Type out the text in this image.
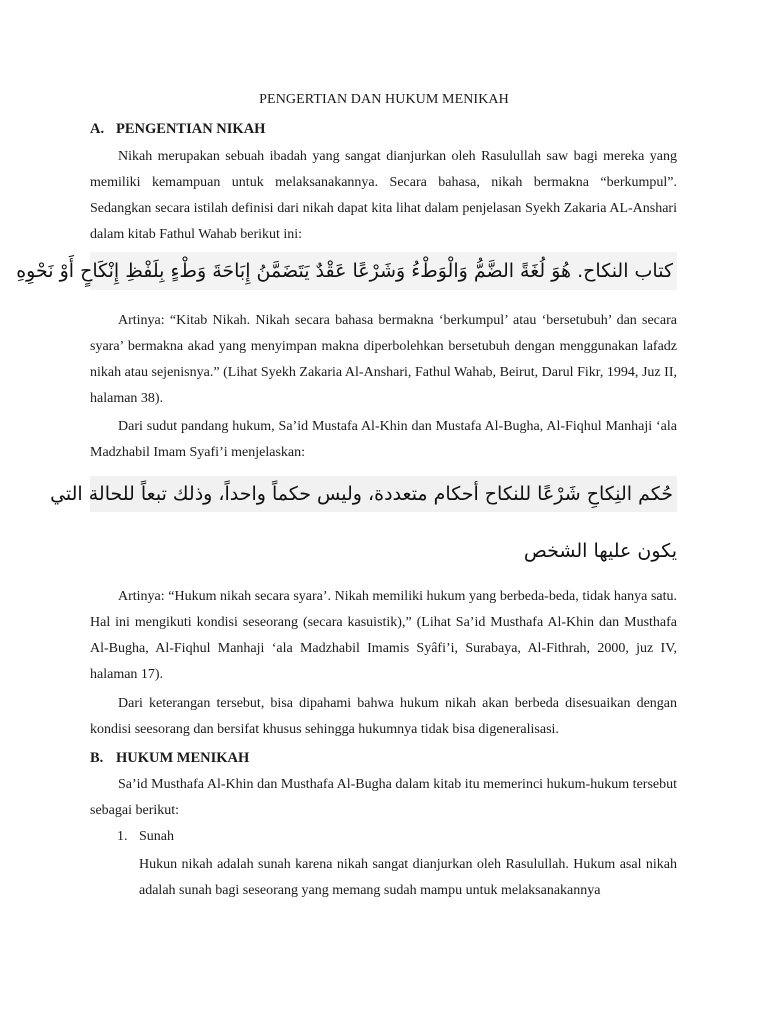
PENGERTIAN DAN HUKUM MENIKAH
A. PENGENTIAN NIKAH

Nikah merupakan sebuah ibadah yang sangat dianjurkan oleh Rasulullah saw bagi mereka yang memiliki kemampuan untuk melaksanakannya. Secara bahasa, nikah bermakna “berkumpul”. Sedangkan secara istilah definisi dari nikah dapat kita lihat dalam penjelasan Syekh Zakaria AL-Anshari dalam kitab Fathul Wahab berikut ini:

كتاب النكاح. هُوَ لُغَةً الضَّمُّ وَالْوَطْءُ وَشَرْعًا عَقْدٌ يَتَضَمَّنُ إِبَاحَةَ وَطْءٍ بِلَفْظِ إِنْكَاحٍ أَوْ نَحْوِهِ

Artinya: “Kitab Nikah. Nikah secara bahasa bermakna ‘berkumpul’ atau ‘bersetubuh’ dan secara syara’ bermakna akad yang menyimpan makna diperbolehkan bersetubuh dengan menggunakan lafadz nikah atau sejenisnya.” (Lihat Syekh Zakaria Al-Anshari, Fathul Wahab, Beirut, Darul Fikr, 1994, Juz II, halaman 38).

Dari sudut pandang hukum, Sa’id Mustafa Al-Khin dan Mustafa Al-Bugha, Al-Fiqhul Manhaji ‘ala Madzhabil Imam Syafi’i menjelaskan:

حُكم النِكاحِ شَرْعًا للنكاح أحكام متعددة، وليس حكماً واحداً، وذلك تبعاً للحالة التي
يكون عليها الشخص

Artinya: “Hukum nikah secara syara’. Nikah memiliki hukum yang berbeda-beda, tidak hanya satu. Hal ini mengikuti kondisi seseorang (secara kasuistik),” (Lihat Sa’id Musthafa Al-Khin dan Musthafa Al-Bugha, Al-Fiqhul Manhaji ‘ala Madzhabil Imamis Syâfi’i, Surabaya, Al-Fithrah, 2000, juz IV, halaman 17).

Dari keterangan tersebut, bisa dipahami bahwa hukum nikah akan berbeda disesuaikan dengan kondisi seesorang dan bersifat khusus sehingga hukumnya tidak bisa digeneralisasi.

B. HUKUM MENIKAH

Sa’id Musthafa Al-Khin dan Musthafa Al-Bugha dalam kitab itu memerinci hukum-hukum tersebut sebagai berikut:

1. Sunah

Hukun nikah adalah sunah karena nikah sangat dianjurkan oleh Rasulullah. Hukum asal nikah adalah sunah bagi seseorang yang memang sudah mampu untuk melaksanakannya
